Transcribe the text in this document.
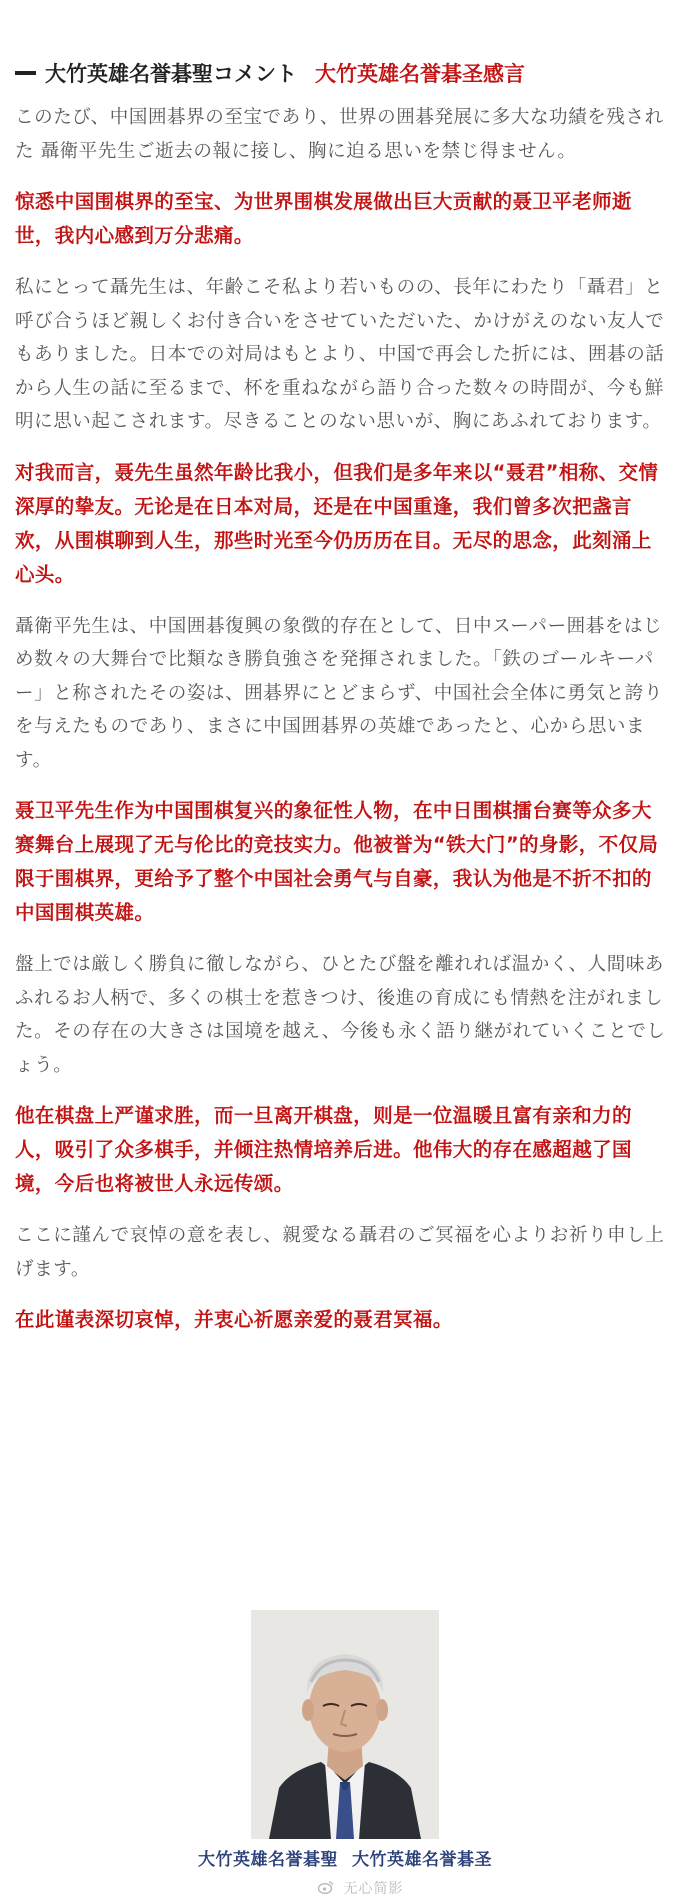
大竹英雄名誉碁聖コメント 大竹英雄名誉碁圣感言

このたび、中国囲碁界の至宝であり、世界の囲碁発展に多大な功績を残された 聶衛平先生ご逝去の報に接し、胸に迫る思いを禁じ得ません。

惊悉中国围棋界的至宝、为世界围棋发展做出巨大贡献的聂卫平老师逝世，我内心感到万分悲痛。

私にとって聶先生は、年齢こそ私より若いものの、長年にわたり「聶君」と呼び合うほど親しくお付き合いをさせていただいた、かけがえのない友人でもありました。日本での対局はもとより、中国で再会した折には、囲碁の話から人生の話に至るまで、杯を重ねながら語り合った数々の時間が、今も鮮明に思い起こされます。尽きることのない思いが、胸にあふれております。

对我而言，聂先生虽然年龄比我小，但我们是多年来以“聂君”相称、交情深厚的挚友。无论是在日本对局，还是在中国重逢，我们曾多次把盏言欢，从围棋聊到人生，那些时光至今仍历历在目。无尽的思念，此刻涌上心头。

聶衛平先生は、中国囲碁復興の象徴的存在として、日中スーパー囲碁をはじめ数々の大舞台で比類なき勝負強さを発揮されました。「鉄のゴールキーパー」と称されたその姿は、囲碁界にとどまらず、中国社会全体に勇気と誇りを与えたものであり、まさに中国囲碁界の英雄であったと、心から思います。

聂卫平先生作为中国围棋复兴的象征性人物，在中日围棋擂台赛等众多大赛舞台上展现了无与伦比的竞技实力。他被誉为“铁大门”的身影，不仅局限于围棋界，更给予了整个中国社会勇气与自豪，我认为他是不折不扣的中国围棋英雄。

盤上では厳しく勝負に徹しながら、ひとたび盤を離れれば温かく、人間味あふれるお人柄で、多くの棋士を惹きつけ、後進の育成にも情熱を注がれました。その存在の大きさは国境を越え、今後も永く語り継がれていくことでしょう。

他在棋盘上严谨求胜，而一旦离开棋盘，则是一位温暖且富有亲和力的人，吸引了众多棋手，并倾注热情培养后进。他伟大的存在感超越了国境，今后也将被世人永远传颂。

ここに謹んで哀悼の意を表し、親愛なる聶君のご冥福を心よりお祈り申し上げます。

在此谨表深切哀悼，并衷心祈愿亲爱的聂君冥福。

大竹英雄名誉碁聖 大竹英雄名誉碁圣
无心简影
